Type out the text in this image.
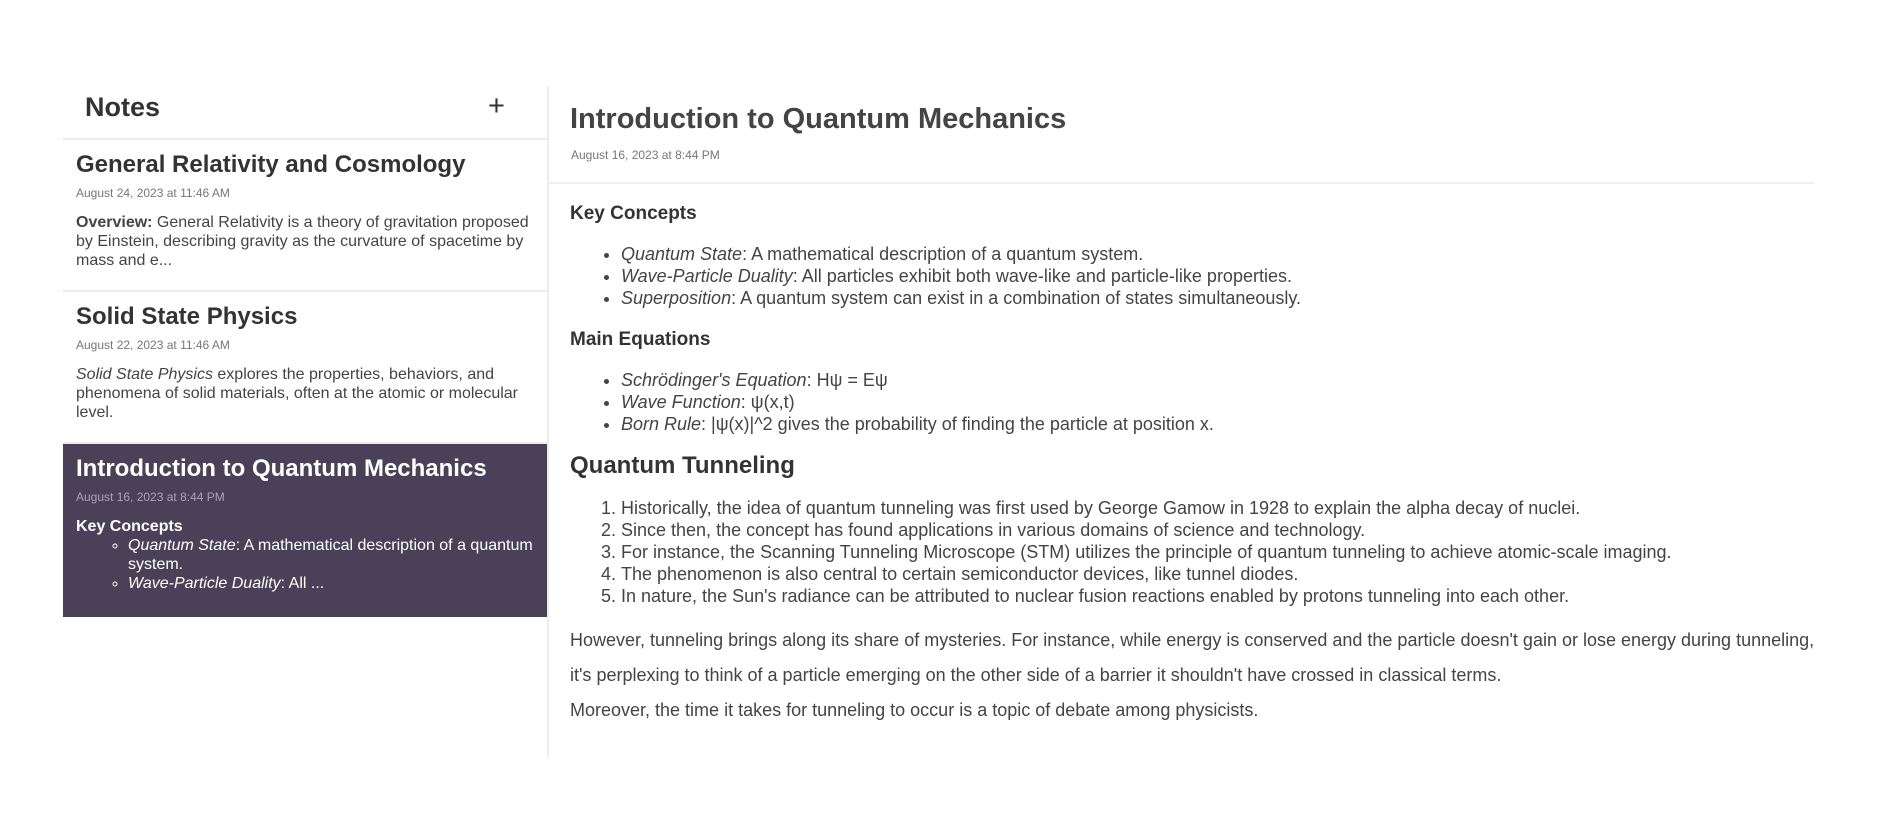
Notes	+
General Relativity and Cosmology
August 24, 2023 at 11:46 AM
Overview: General Relativity is a theory of gravitation proposed by Einstein, describing gravity as the curvature of spacetime by mass and e...
Solid State Physics
August 22, 2023 at 11:46 AM
Solid State Physics explores the properties, behaviors, and phenomena of solid materials, often at the atomic or molecular level.
Introduction to Quantum Mechanics
August 16, 2023 at 8:44 PM
Key Concepts
◦ Quantum State: A mathematical description of a quantum system.
◦ Wave-Particle Duality: All ...
Introduction to Quantum Mechanics
August 16, 2023 at 8:44 PM
Key Concepts
• Quantum State: A mathematical description of a quantum system.
• Wave-Particle Duality: All particles exhibit both wave-like and particle-like properties.
• Superposition: A quantum system can exist in a combination of states simultaneously.
Main Equations
• Schrödinger's Equation: Hψ = Eψ
• Wave Function: ψ(x,t)
• Born Rule: |ψ(x)|^2 gives the probability of finding the particle at position x.
Quantum Tunneling
1. Historically, the idea of quantum tunneling was first used by George Gamow in 1928 to explain the alpha decay of nuclei.
2. Since then, the concept has found applications in various domains of science and technology.
3. For instance, the Scanning Tunneling Microscope (STM) utilizes the principle of quantum tunneling to achieve atomic-scale imaging.
4. The phenomenon is also central to certain semiconductor devices, like tunnel diodes.
5. In nature, the Sun's radiance can be attributed to nuclear fusion reactions enabled by protons tunneling into each other.

However, tunneling brings along its share of mysteries. For instance, while energy is conserved and the particle doesn't gain or lose energy during tunneling,

it's perplexing to think of a particle emerging on the other side of a barrier it shouldn't have crossed in classical terms.

Moreover, the time it takes for tunneling to occur is a topic of debate among physicists.
